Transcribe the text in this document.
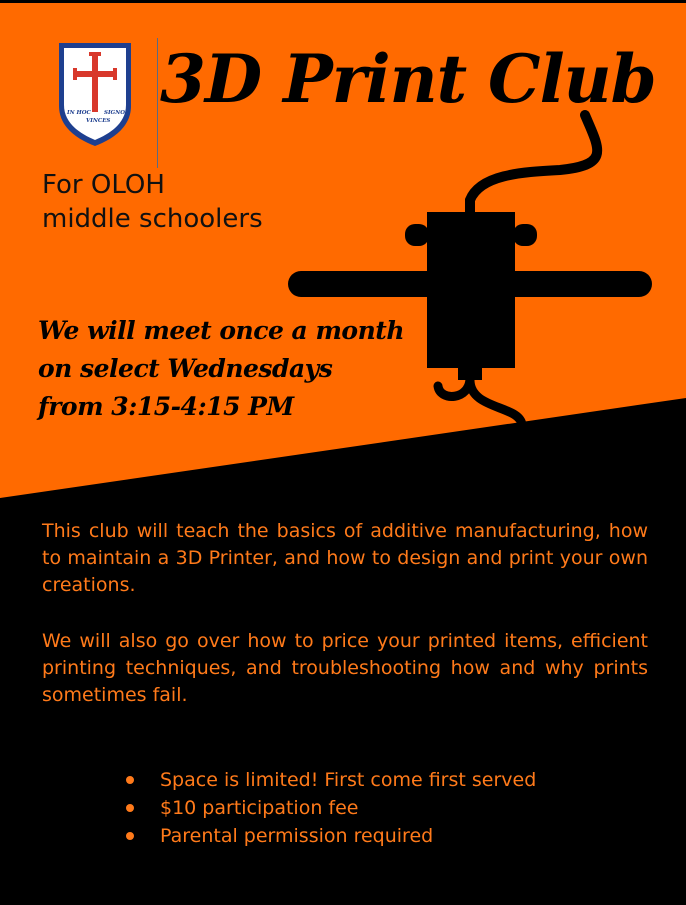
IN HOC SIGNO
VINCES
3D Print Club
For OLOH
middle schoolers
We will meet once a month
on select Wednesdays
from 3:15-4:15 PM
This club will teach the basics of additive manufacturing, how to maintain a 3D Printer, and how to design and print your own creations.
We will also go over how to price your printed items, efficient printing techniques, and troubleshooting how and why prints sometimes fail.
Space is limited! First come first served
$10 participation fee
Parental permission required
